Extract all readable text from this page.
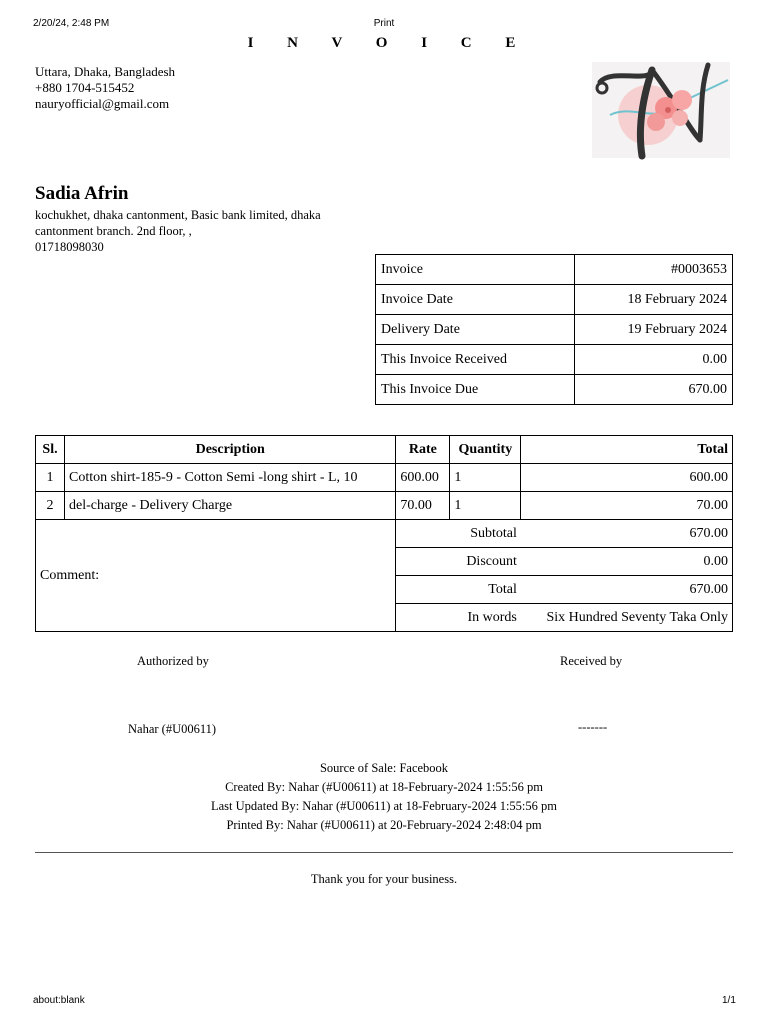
2/20/24, 2:48 PM	Print
I N V O I C E
Uttara, Dhaka, Bangladesh
+880 1704-515452
nauryofficial@gmail.com
Sadia Afrin
kochukhet, dhaka cantonment, Basic bank limited, dhaka cantonment branch. 2nd floor, ,
01718098030
Invoice	#0003653
Invoice Date	18 February 2024
Delivery Date	19 February 2024
This Invoice Received	0.00
This Invoice Due	670.00
Sl.	Description	Rate	Quantity	Total
1	Cotton shirt-185-9 - Cotton Semi -long shirt - L, 10	600.00	1	600.00
2	del-charge - Delivery Charge	70.00	1	70.00
Comment:		Subtotal		670.00
		Discount		0.00
		Total		670.00
		In words		Six Hundred Seventy Taka Only
Authorized by	Received by
Nahar (#U00611)	-------
Source of Sale: Facebook
Created By: Nahar (#U00611) at 18-February-2024 1:55:56 pm
Last Updated By: Nahar (#U00611) at 18-February-2024 1:55:56 pm
Printed By: Nahar (#U00611) at 20-February-2024 2:48:04 pm
Thank you for your business.
about:blank	1/1
